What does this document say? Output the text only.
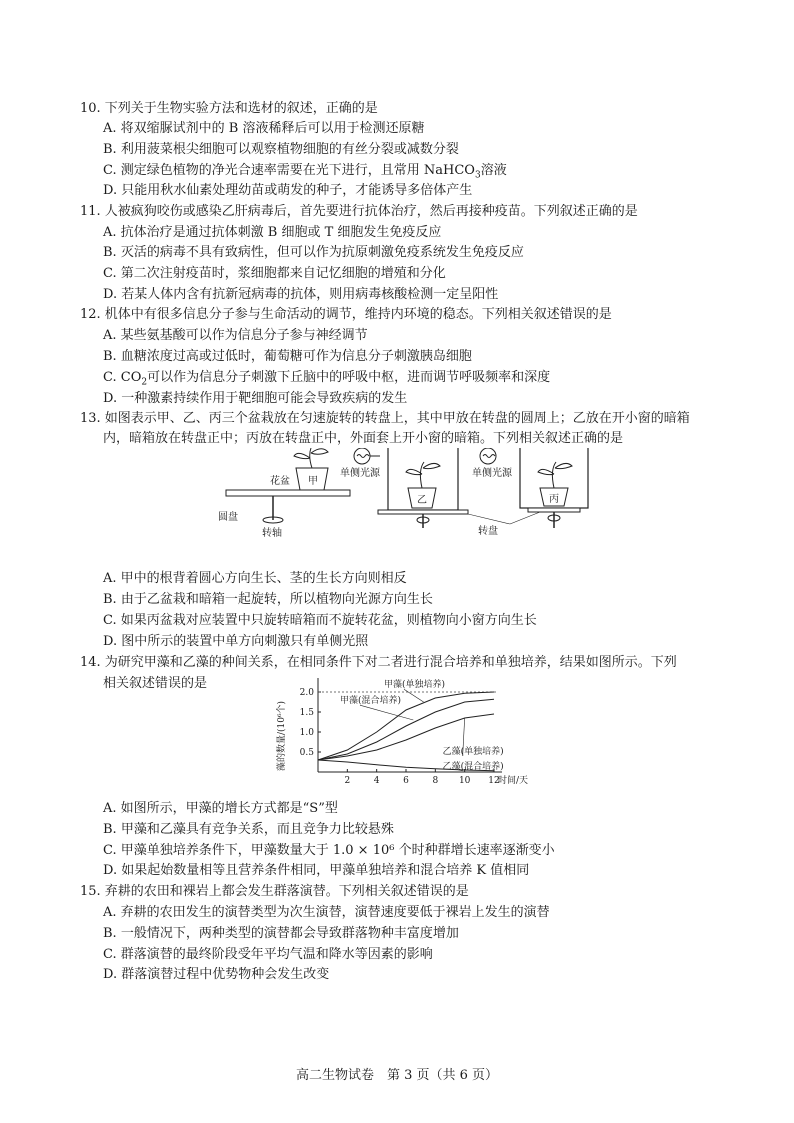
10. 下列关于生物实验方法和选材的叙述，正确的是
A. 将双缩脲试剂中的 B 溶液稀释后可以用于检测还原糖
B. 利用菠菜根尖细胞可以观察植物细胞的有丝分裂或减数分裂
C. 测定绿色植物的净光合速率需要在光下进行，且常用 NaHCO$_3$溶液
D. 只能用秋水仙素处理幼苗或萌发的种子，才能诱导多倍体产生
11. 人被疯狗咬伤或感染乙肝病毒后，首先要进行抗体治疗，然后再接种疫苗。下列叙述正确的是
A. 抗体治疗是通过抗体刺激 B 细胞或 T 细胞发生免疫反应
B. 灭活的病毒不具有致病性，但可以作为抗原刺激免疫系统发生免疫反应
C. 第二次注射疫苗时，浆细胞都来自记忆细胞的增殖和分化
D. 若某人体内含有抗新冠病毒的抗体，则用病毒核酸检测一定呈阳性
12. 机体中有很多信息分子参与生命活动的调节，维持内环境的稳态。下列相关叙述错误的是
A. 某些氨基酸可以作为信息分子参与神经调节
B. 血糖浓度过高或过低时，葡萄糖可作为信息分子刺激胰岛细胞
C. $CO_2$可以作为信息分子刺激下丘脑中的呼吸中枢，进而调节呼吸频率和深度
D. 一种激素持续作用于靶细胞可能会导致疾病的发生
13. 如图表示甲、乙、丙三个盆栽放在匀速旋转的转盘上，其中甲放在转盘的圆周上；乙放在开小窗的暗箱
内，暗箱放在转盘正中；丙放在转盘正中，外面套上开小窗的暗箱。下列相关叙述正确的是
甲
花盆
圆盘
转轴
单侧光源
乙
单侧光源
丙
转盘
A. 甲中的根背着圆心方向生长、茎的生长方向则相反
B. 由于乙盆栽和暗箱一起旋转，所以植物向光源方向生长
C. 如果丙盆栽对应装置中只旋转暗箱而不旋转花盆，则植物向小窗方向生长
D. 图中所示的装置中单方向刺激只有单侧光照
14. 为研究甲藻和乙藻的种间关系，在相同条件下对二者进行混合培养和单独培养，结果如图所示。下列
相关叙述错误的是
藻的数量/(10⁶个)
2	4	6	8 10 12
时间/天
0.5
1.0
1.5
2.0
甲藻(单独培养)
甲藻(混合培养)
乙藻(单独培养)
乙藻(混合培养)
A. 如图所示，甲藻的增长方式都是“S”型
B. 甲藻和乙藻具有竞争关系，而且竞争力比较悬殊
C. 甲藻单独培养条件下，甲藻数量大于 1.0 × 10⁶ 个时种群增长速率逐渐变小
D. 如果起始数量相等且营养条件相同，甲藻单独培养和混合培养 K 值相同
15. 弃耕的农田和裸岩上都会发生群落演替。下列相关叙述错误的是
A. 弃耕的农田发生的演替类型为次生演替，演替速度要低于裸岩上发生的演替
B. 一般情况下，两种类型的演替都会导致群落物种丰富度增加
C. 群落演替的最终阶段受年平均气温和降水等因素的影响
D. 群落演替过程中优势物种会发生改变
高二生物试卷　第 3 页（共 6 页）
